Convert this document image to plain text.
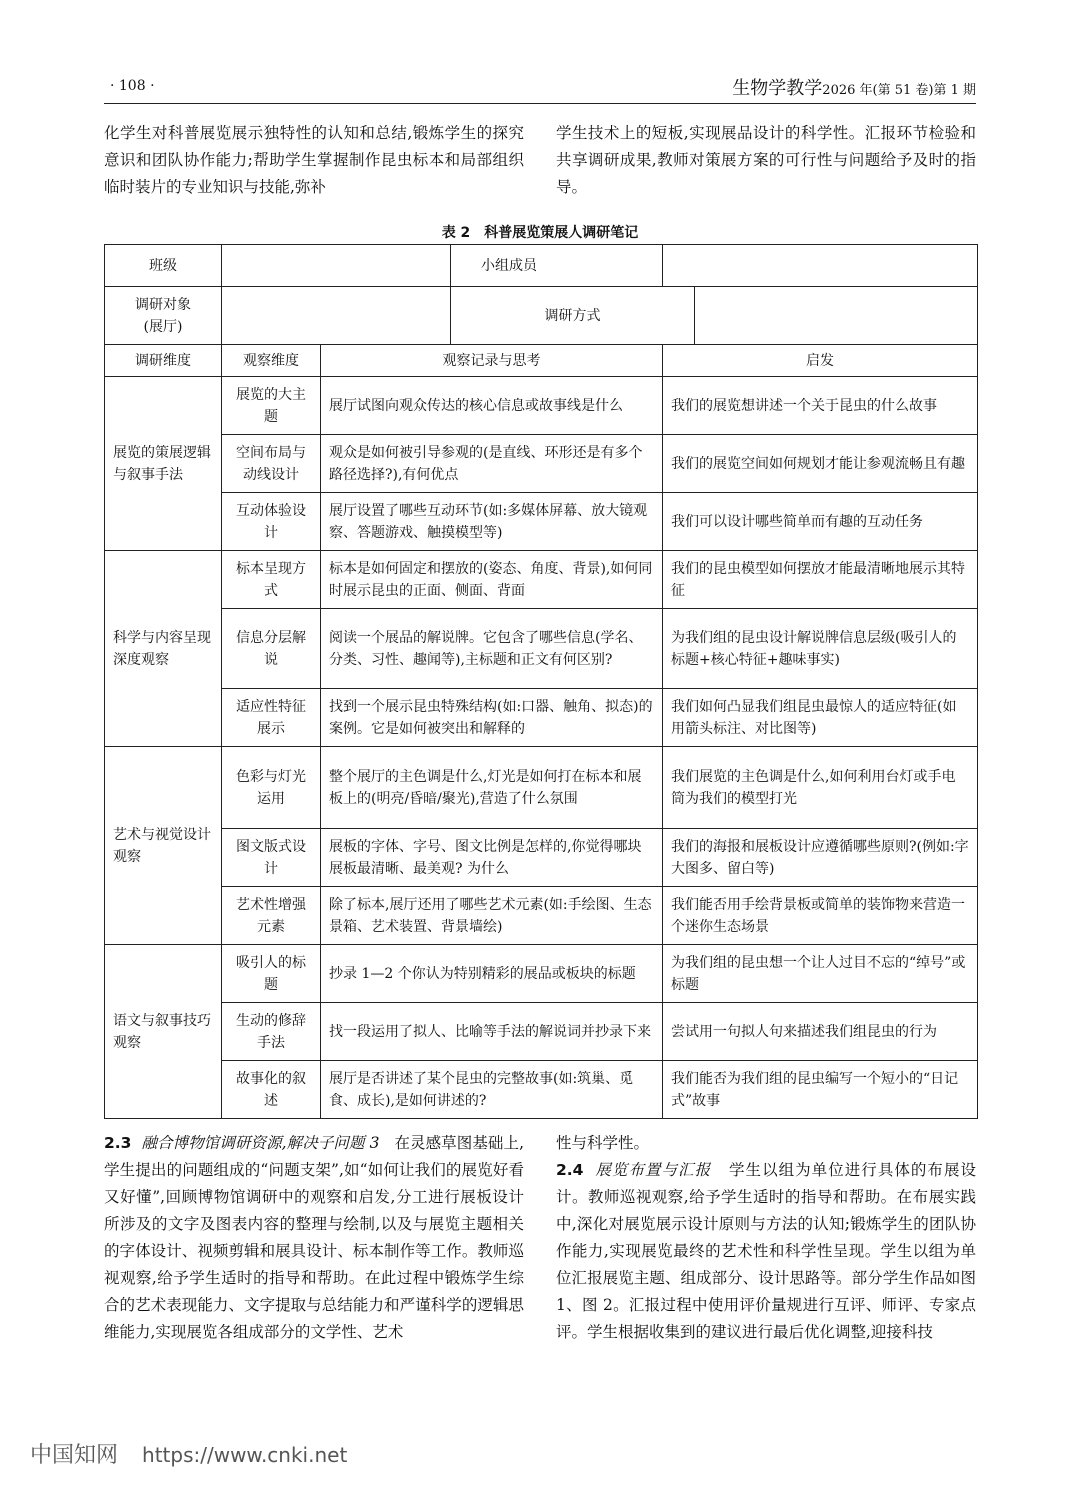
· 108 ·	生物学教学2026 年(第 51 卷)第 1 期

化学生对科普展览展示独特性的认知和总结,锻炼学生的探究意识和团队协作能力;帮助学生掌握制作昆虫标本和局部组织临时装片的专业知识与技能,弥补

学生技术上的短板,实现展品设计的科学性。汇报环节检验和共享调研成果,教师对策展方案的可行性与问题给予及时的指导。

表 2　科普展览策展人调研笔记
班级			小组成员		
调研对象
(展厅)			调研方式		
调研维度	观察维度	观察记录与思考		启发	
展览的策展逻辑与叙事手法	展览的大主题	展厅试图向观众传达的核心信息或故事线是什么		我们的展览想讲述一个关于昆虫的什么故事	
	空间布局与动线设计	观众是如何被引导参观的(是直线、环形还是有多个路径选择?),有何优点		我们的展览空间如何规划才能让参观流畅且有趣	
	互动体验设计	展厅设置了哪些互动环节(如:多媒体屏幕、放大镜观察、答题游戏、触摸模型等)		我们可以设计哪些简单而有趣的互动任务	
科学与内容呈现深度观察	标本呈现方式	标本是如何固定和摆放的(姿态、角度、背景),如何同时展示昆虫的正面、侧面、背面		我们的昆虫模型如何摆放才能最清晰地展示其特征	
	信息分层解说	阅读一个展品的解说牌。它包含了哪些信息(学名、分类、习性、趣闻等),主标题和正文有何区别?		为我们组的昆虫设计解说牌信息层级(吸引人的标题+核心特征+趣味事实)	
	适应性特征展示	找到一个展示昆虫特殊结构(如:口器、触角、拟态)的案例。它是如何被突出和解释的		我们如何凸显我们组昆虫最惊人的适应特征(如用箭头标注、对比图等)	
艺术与视觉设计观察	色彩与灯光运用	整个展厅的主色调是什么,灯光是如何打在标本和展板上的(明亮/昏暗/聚光),营造了什么氛围		我们展览的主色调是什么,如何利用台灯或手电筒为我们的模型打光	
	图文版式设计	展板的字体、字号、图文比例是怎样的,你觉得哪块展板最清晰、最美观? 为什么		我们的海报和展板设计应遵循哪些原则?(例如:字大图多、留白等)	
	艺术性增强元素	除了标本,展厅还用了哪些艺术元素(如:手绘图、生态景箱、艺术装置、背景墙绘)		我们能否用手绘背景板或简单的装饰物来营造一个迷你生态场景	
语文与叙事技巧观察	吸引人的标题	抄录 1—2 个你认为特别精彩的展品或板块的标题		为我们组的昆虫想一个让人过目不忘的“绰号”或标题	
	生动的修辞手法	找一段运用了拟人、比喻等手法的解说词并抄录下来		尝试用一句拟人句来描述我们组昆虫的行为	
	故事化的叙述	展厅是否讲述了某个昆虫的完整故事(如:筑巢、觅食、成长),是如何讲述的?		我们能否为我们组的昆虫编写一个短小的“日记式”故事	

2.3 融合博物馆调研资源,解决子问题 3 在灵感草图基础上,学生提出的问题组成的“问题支架”,如“如何让我们的展览好看又好懂”,回顾博物馆调研中的观察和启发,分工进行展板设计所涉及的文字及图表内容的整理与绘制,以及与展览主题相关的字体设计、视频剪辑和展具设计、标本制作等工作。教师巡视观察,给予学生适时的指导和帮助。在此过程中锻炼学生综合的艺术表现能力、文字提取与总结能力和严谨科学的逻辑思维能力,实现展览各组成部分的文学性、艺术

性与科学性。

2.4 展览布置与汇报 学生以组为单位进行具体的布展设计。教师巡视观察,给予学生适时的指导和帮助。在布展实践中,深化对展览展示设计原则与方法的认知;锻炼学生的团队协作能力,实现展览最终的艺术性和科学性呈现。学生以组为单位汇报展览主题、组成部分、设计思路等。部分学生作品如图 1、图 2。汇报过程中使用评价量规进行互评、师评、专家点评。学生根据收集到的建议进行最后优化调整,迎接科技

中国知网 https://www.cnki.net
